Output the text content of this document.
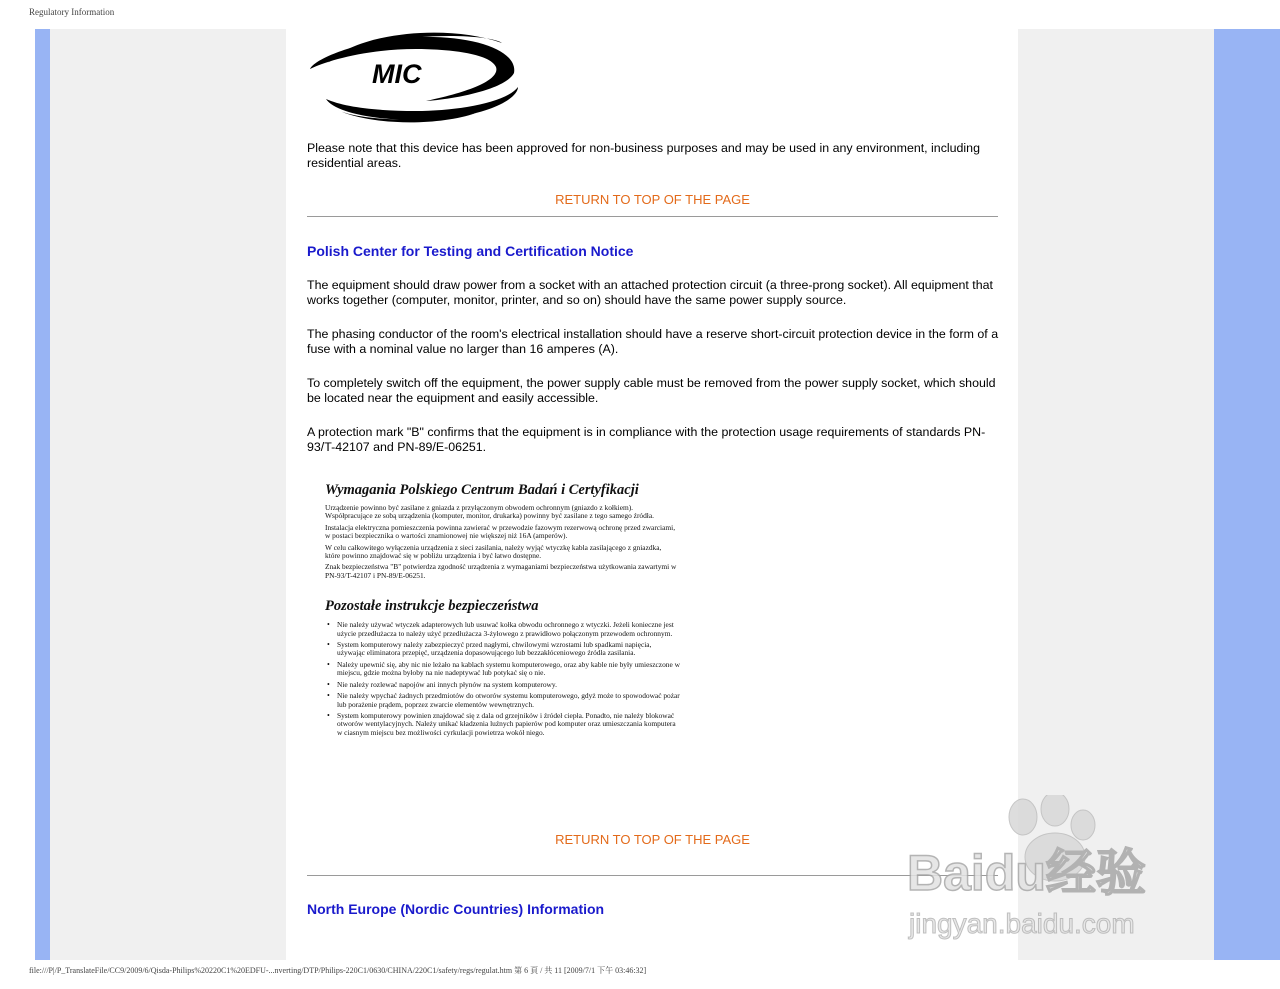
Regulatory Information
MIC
Please note that this device has been approved for non-business purposes and may be used in any environment, including residential areas.
RETURN TO TOP OF THE PAGE
Polish Center for Testing and Certification Notice
The equipment should draw power from a socket with an attached protection circuit (a three-prong socket). All equipment that works together (computer, monitor, printer, and so on) should have the same power supply source.
The phasing conductor of the room's electrical installation should have a reserve short-circuit protection device in the form of a fuse with a nominal value no larger than 16 amperes (A).
To completely switch off the equipment, the power supply cable must be removed from the power supply socket, which should be located near the equipment and easily accessible.
A protection mark "B" confirms that the equipment is in compliance with the protection usage requirements of standards PN-93/T-42107 and PN-89/E-06251.
Wymagania Polskiego Centrum Badań i Certyfikacji
Urządzenie powinno być zasilane z gniazda z przyłączonym obwodem ochronnym (gniazdo z kołkiem). Współpracujące ze sobą urządzenia (komputer, monitor, drukarka) powinny być zasilane z tego samego źródła.
Instalacja elektryczna pomieszczenia powinna zawierać w przewodzie fazowym rezerwową ochronę przed zwarciami, w postaci bezpiecznika o wartości znamionowej nie większej niż 16A (amperów).
W celu całkowitego wyłączenia urządzenia z sieci zasilania, należy wyjąć wtyczkę kabla zasilającego z gniazdka, które powinno znajdować się w pobliżu urządzenia i być łatwo dostępne.
Znak bezpieczeństwa "B" potwierdza zgodność urządzenia z wymaganiami bezpieczeństwa użytkowania zawartymi w PN-93/T-42107 i PN-89/E-06251.
Pozostałe instrukcje bezpieczeństwa
• Nie należy używać wtyczek adapterowych lub usuwać kołka obwodu ochronnego z wtyczki. Jeżeli konieczne jest użycie przedłużacza to należy użyć przedłużacza 3-żyłowego z prawidłowo połączonym przewodem ochronnym.
• System komputerowy należy zabezpieczyć przed nagłymi, chwilowymi wzrostami lub spadkami napięcia, używając eliminatora przepięć, urządzenia dopasowującego lub bezzakłóceniowego źródła zasilania.
• Należy upewnić się, aby nic nie leżało na kablach systemu komputerowego, oraz aby kable nie były umieszczone w miejscu, gdzie można byłoby na nie nadeptywać lub potykać się o nie.
• Nie należy rozlewać napojów ani innych płynów na system komputerowy.
• Nie należy wpychać żadnych przedmiotów do otworów systemu komputerowego, gdyż może to spowodować pożar lub porażenie prądem, poprzez zwarcie elementów wewnętrznych.
• System komputerowy powinien znajdować się z dala od grzejników i źródeł ciepła. Ponadto, nie należy blokować otworów wentylacyjnych. Należy unikać kładzenia luźnych papierów pod komputer oraz umieszczania komputera w ciasnym miejscu bez możliwości cyrkulacji powietrza wokół niego.
RETURN TO TOP OF THE PAGE
North Europe (Nordic Countries) Information
Baidu经验
jingyan.baidu.com
file:///P|/P_TranslateFile/CC9/2009/6/Qisda-Philips%20220C1%20EDFU-...nverting/DTP/Philips-220C1/0630/CHINA/220C1/safety/regs/regulat.htm 第 6 頁 / 共 11 [2009/7/1 下午 03:46:32]
